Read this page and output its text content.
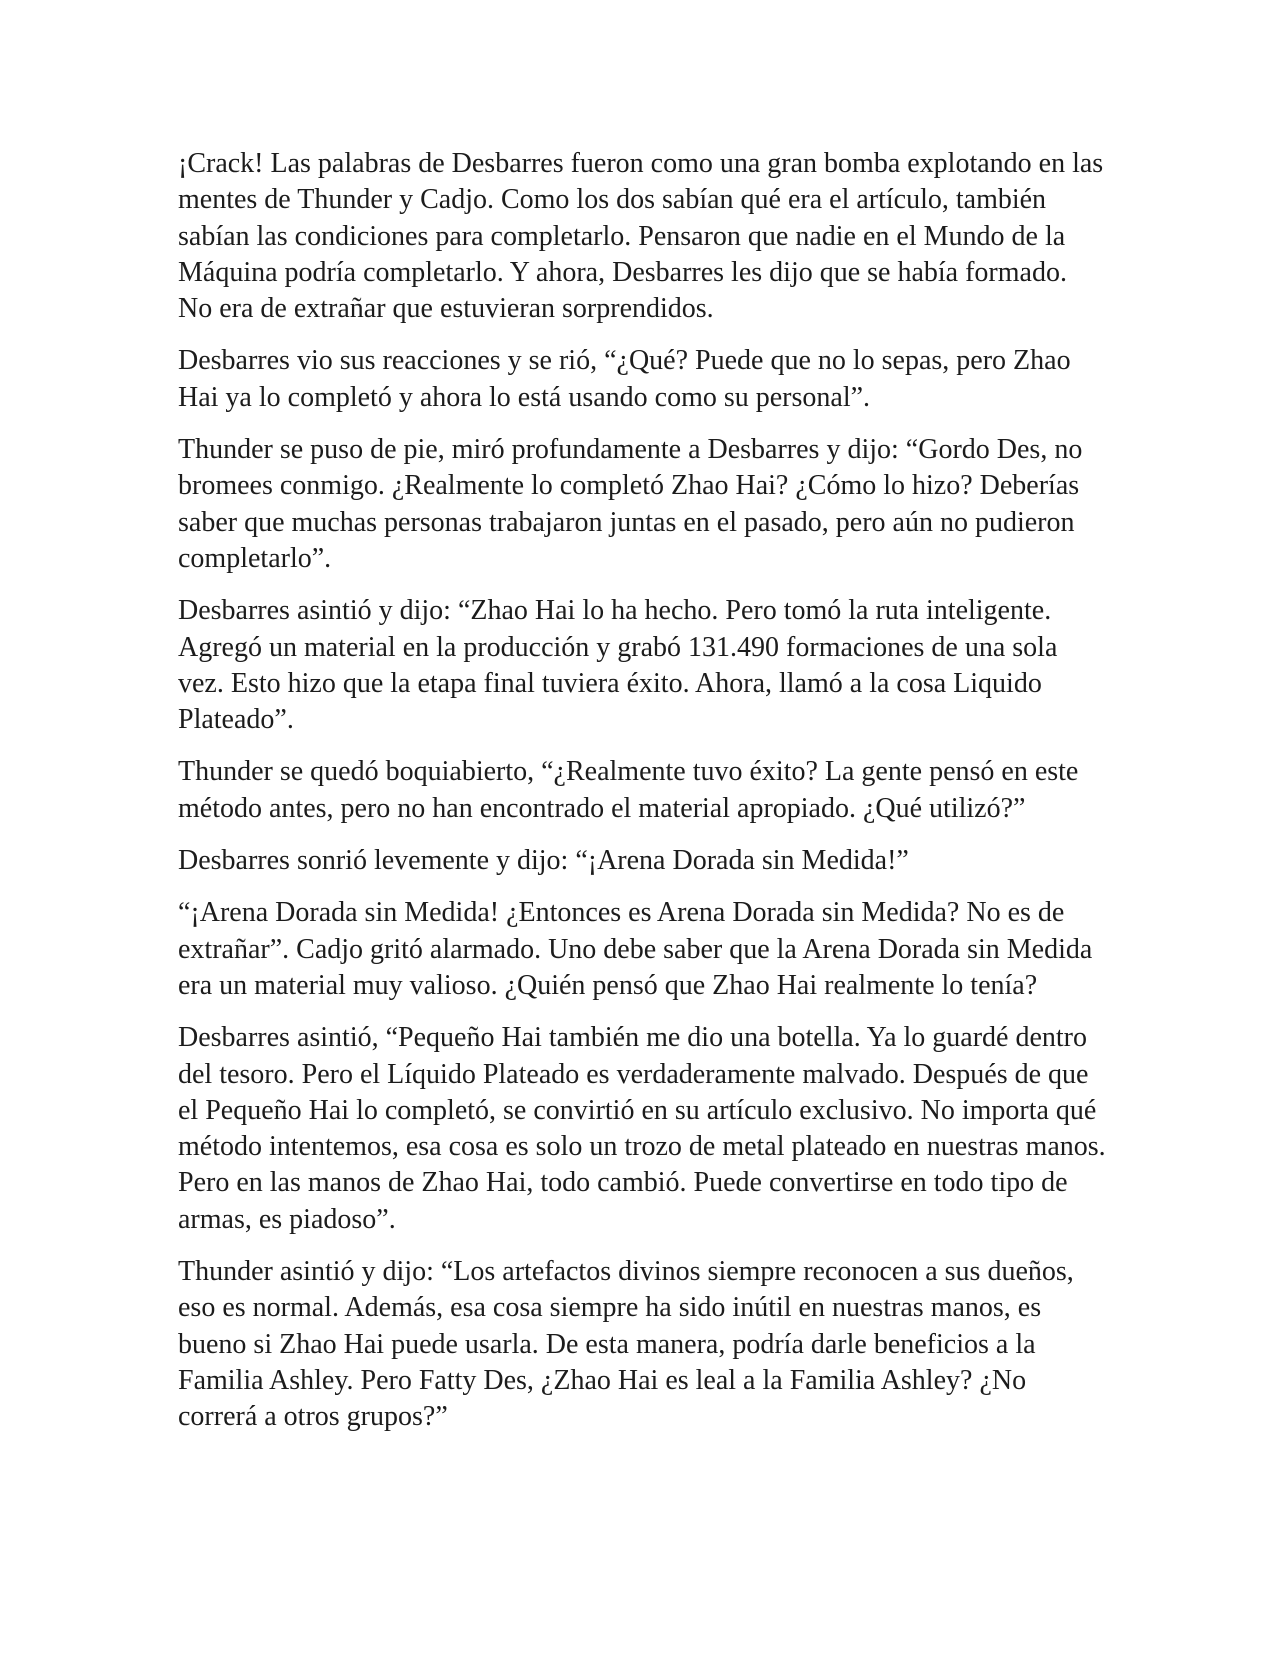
¡Crack! Las palabras de Desbarres fueron como una gran bomba explotando en las mentes de Thunder y Cadjo. Como los dos sabían qué era el artículo, también sabían las condiciones para completarlo. Pensaron que nadie en el Mundo de la Máquina podría completarlo. Y ahora, Desbarres les dijo que se había formado. No era de extrañar que estuvieran sorprendidos.

Desbarres vio sus reacciones y se rió, “¿Qué? Puede que no lo sepas, pero Zhao Hai ya lo completó y ahora lo está usando como su personal”.

Thunder se puso de pie, miró profundamente a Desbarres y dijo: “Gordo Des, no bromees conmigo. ¿Realmente lo completó Zhao Hai? ¿Cómo lo hizo? Deberías saber que muchas personas trabajaron juntas en el pasado, pero aún no pudieron completarlo”.

Desbarres asintió y dijo: “Zhao Hai lo ha hecho. Pero tomó la ruta inteligente. Agregó un material en la producción y grabó 131.490 formaciones de una sola vez. Esto hizo que la etapa final tuviera éxito. Ahora, llamó a la cosa Liquido Plateado”.

Thunder se quedó boquiabierto, “¿Realmente tuvo éxito? La gente pensó en este método antes, pero no han encontrado el material apropiado. ¿Qué utilizó?”

Desbarres sonrió levemente y dijo: “¡Arena Dorada sin Medida!”

“¡Arena Dorada sin Medida! ¿Entonces es Arena Dorada sin Medida? No es de extrañar”. Cadjo gritó alarmado. Uno debe saber que la Arena Dorada sin Medida era un material muy valioso. ¿Quién pensó que Zhao Hai realmente lo tenía?

Desbarres asintió, “Pequeño Hai también me dio una botella. Ya lo guardé dentro del tesoro. Pero el Líquido Plateado es verdaderamente malvado. Después de que el Pequeño Hai lo completó, se convirtió en su artículo exclusivo. No importa qué método intentemos, esa cosa es solo un trozo de metal plateado en nuestras manos. Pero en las manos de Zhao Hai, todo cambió. Puede convertirse en todo tipo de armas, es piadoso”.

Thunder asintió y dijo: “Los artefactos divinos siempre reconocen a sus dueños, eso es normal. Además, esa cosa siempre ha sido inútil en nuestras manos, es bueno si Zhao Hai puede usarla. De esta manera, podría darle beneficios a la Familia Ashley. Pero Fatty Des, ¿Zhao Hai es leal a la Familia Ashley? ¿No correrá a otros grupos?”
